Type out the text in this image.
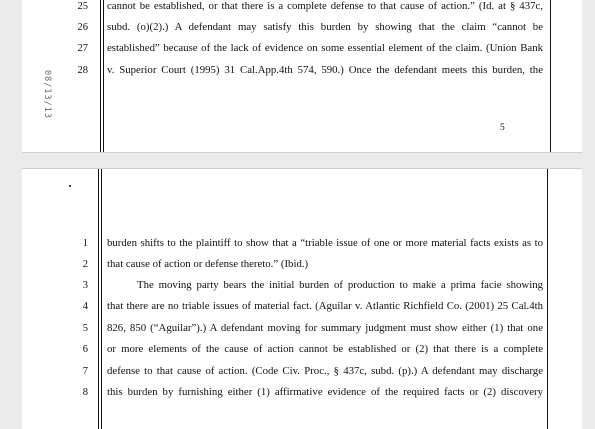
08/13/13
25 cannot be established, or that there is a complete defense to that cause of action.” (Id. at § 437c,
26 subd. (o)(2).) A defendant may satisfy this burden by showing that the claim “cannot be
27 established” because of the lack of evidence on some essential element of the claim. (Union Bank
28 v. Superior Court (1995) 31 Cal.App.4th 574, 590.) Once the defendant meets this burden, the
5
1 burden shifts to the plaintiff to show that a “triable issue of one or more material facts exists as to
2 that cause of action or defense thereto.” (Ibid.)
3	The moving party bears the initial burden of production to make a prima facie showing
4 that there are no triable issues of material fact. (Aguilar v. Atlantic Richfield Co. (2001) 25 Cal.4th
5 826, 850 (“Aguilar”).) A defendant moving for summary judgment must show either (1) that one
6 or more elements of the cause of action cannot be established or (2) that there is a complete
7 defense to that cause of action. (Code Civ. Proc., § 437c, subd. (p).) A defendant may discharge
8 this burden by furnishing either (1) affirmative evidence of the required facts or (2) discovery
